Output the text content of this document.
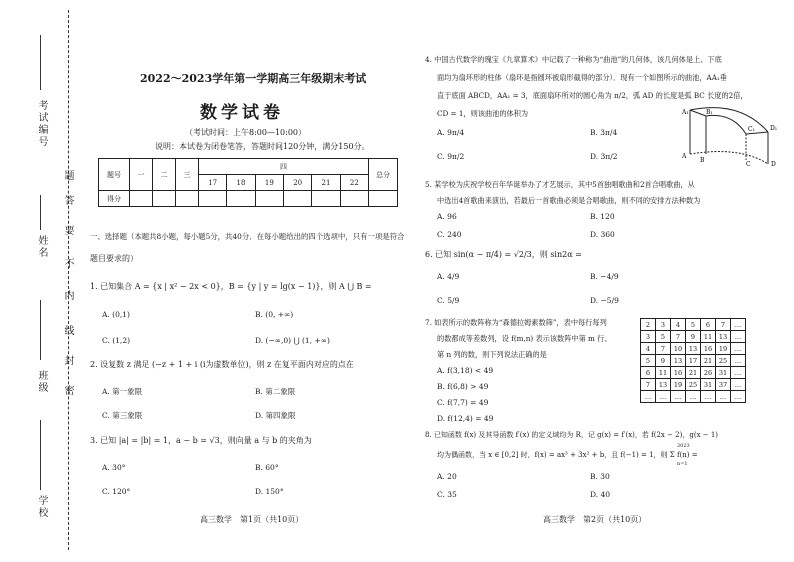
考试编号
姓名
班级
学校
题
答
要
不
内
线
封
密
2022～2023学年第一学期高三年级期末考试
数学试卷
（考试时间：上午8:00—10:00）
说明：本试卷为闭卷笔答，答题时间120分钟，满分150分。
题号	一	二	三	四						总分
				17	18	19	20	21	22	
得分										
一、选择题（本题共8小题，每小题5分，共40分．在每小题给出的四个选项中，只有一项是符合
题目要求的）
1. 已知集合 A = {x | x² − 2x < 0}，B = {y | y = lg(x − 1)}，则 A ⋃ B =
A. (0,1)	B. (0, +∞)
C. (1,2)	D. (−∞,0) ⋃ (1, +∞)
2. 设复数 z 满足 (−z + 1 + i (i为虚数单位)，则 z 在复平面内对应的点在
A. 第一象限	B. 第二象限
C. 第三象限	D. 第四象限
3. 已知 |a| = |b| = 1，a − b = √3，则向量 a 与 b 的夹角为
A. 30°	B. 60°
C. 120°	D. 150°
高三数学　第1页（共10页）
4. 中国古代数学的瑰宝《九章算术》中记载了一种称为“曲池”的几何体，该几何体是上、下底
面均为扇环形的柱体（扇环是指圆环被扇形截得的部分）．现有一个如图所示的曲池，AA₁垂
直于底面 ABCD，AA₁ = 3，底面扇环所对的圆心角为 π/2，弧 AD 的长度是弧 BC 长度的2倍，
CD = 1，则该曲池的体积为
A. 9π/4	B. 3π/4
C. 9π/2	D. 3π/2
A₁	B₁
C₁	D₁
A
B
C	D
5. 某学校为庆祝学校百年华诞举办了才艺展示，其中5首独唱歌曲和2首合唱歌曲，从
中选出4首歌曲来演出，若最后一首歌曲必须是合唱歌曲，则不同的安排方法种数为
A. 96	B. 120
C. 240	D. 360
6. 已知 sin(α − π/4) = √2/3，则 sin2α =
A. 4/9	B. −4/9
C. 5/9	D. −5/9
7. 如表所示的数阵称为“森德拉姆素数筛”，表中每行每列
的数都成等差数列，设 f(m,n) 表示该数阵中第 m 行、
第 n 列的数，则下列说法正确的是
A. f(3,18) < 49
B. f(6,8) > 49
C. f(7,7) = 49
D. f(12,4) = 49
2	3	4	5	6	7	…
3	5	7	9	11	13	…
4	7	10	13	16	19	…
5	9	13	17	21	25	…
6	11	16	21	26	31	…
7	13	19	25	31	37	…
…	…	…	…	…	…	…
8. 已知函数 f(x) 及其导函数 f′(x) 的定义域均为 R，记 g(x) = f′(x)，若 f(2x − 2)，g(x − 1)
均为偶函数，当 x ∈ [0,2] 时，f(x) = ax³ + 3x² + b，且 f(−1) = 1，则 Σ f(n) =
2023
n=1
A. 20	B. 30
C. 35	D. 40
高三数学　第2页（共10页）
